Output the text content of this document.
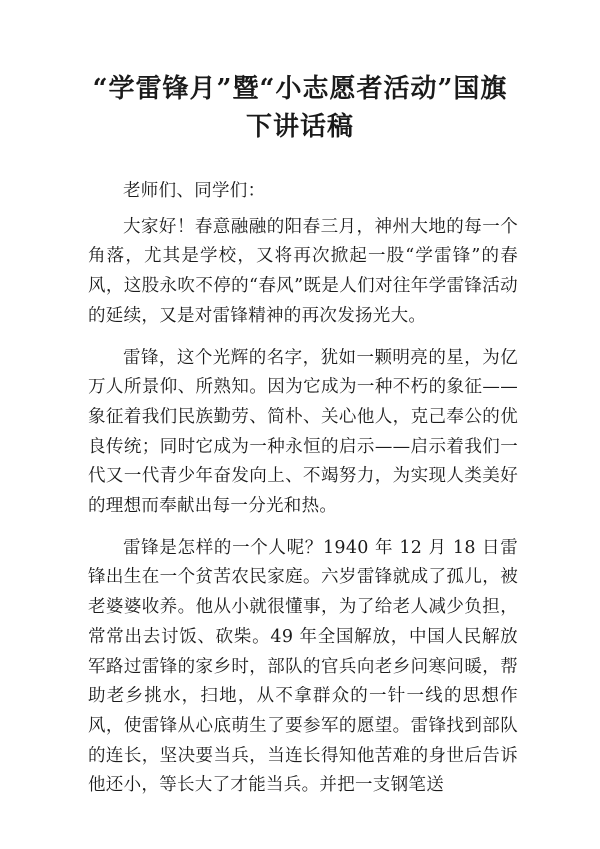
“学雷锋月”暨“小志愿者活动”国旗
下讲话稿

老师们、同学们：

大家好！春意融融的阳春三月，神州大地的每一个角落，尤其是学校，又将再次掀起一股“学雷锋”的春风，这股永吹不停的“春风”既是人们对往年学雷锋活动的延续，又是对雷锋精神的再次发扬光大。

雷锋，这个光辉的名字，犹如一颗明亮的星，为亿万人所景仰、所熟知。因为它成为一种不朽的象征——象征着我们民族勤劳、简朴、关心他人，克己奉公的优良传统；同时它成为一种永恒的启示——启示着我们一代又一代青少年奋发向上、不竭努力，为实现人类美好的理想而奉献出每一分光和热。

雷锋是怎样的一个人呢？1940 年 12 月 18 日雷锋出生在一个贫苦农民家庭。六岁雷锋就成了孤儿，被老婆婆收养。他从小就很懂事，为了给老人减少负担，常常出去讨饭、砍柴。49 年全国解放，中国人民解放军路过雷锋的家乡时，部队的官兵向老乡问寒问暖，帮助老乡挑水，扫地，从不拿群众的一针一线的思想作风，使雷锋从心底萌生了要参军的愿望。雷锋找到部队的连长，坚决要当兵，当连长得知他苦难的身世后告诉他还小，等长大了才能当兵。并把一支钢笔送
